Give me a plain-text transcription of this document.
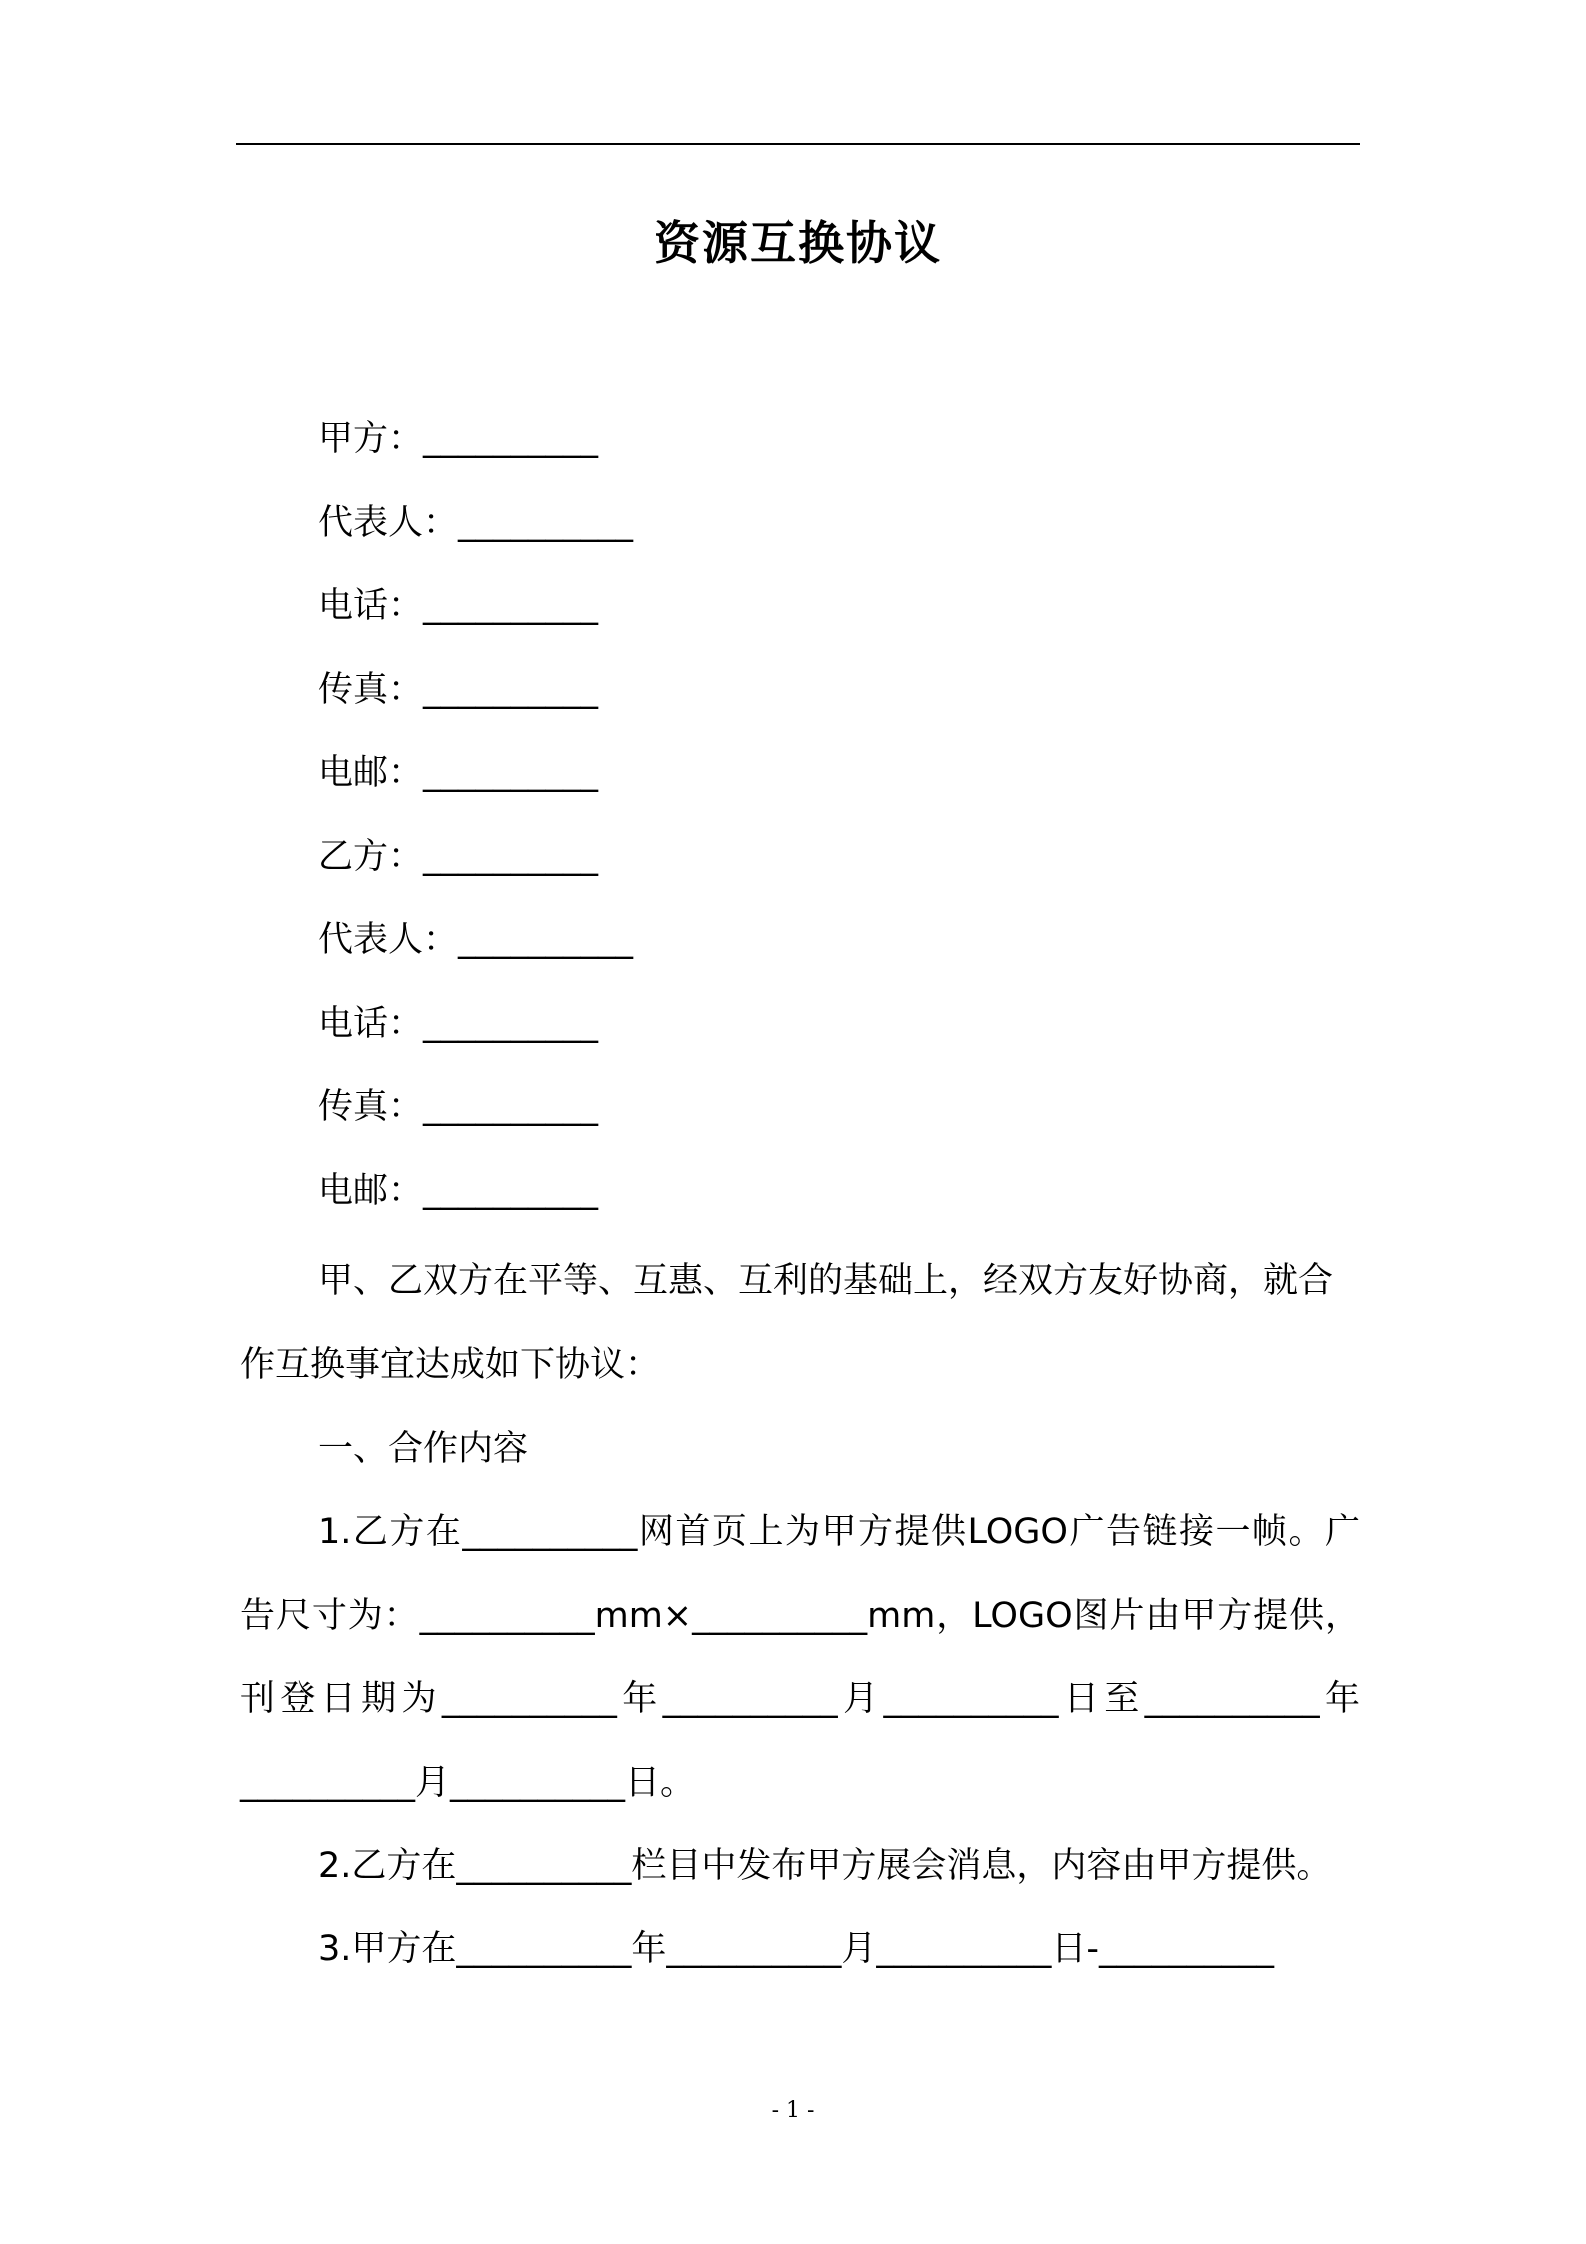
资源互换协议
甲方：__________
代表人：__________
电话：__________
传真：__________
电邮：__________
乙方：__________
代表人：__________
电话：__________
传真：__________
电邮：__________

甲、乙双方在平等、互惠、互利的基础上，经双方友好协商，就合作互换事宜达成如下协议：

一、合作内容

1.乙方在__________网首页上为甲方提供LOGO广告链接一帧。广告尺寸为：__________mm×__________mm，LOGO图片由甲方提供，刊登日期为__________年__________月__________日至__________年__________月__________日。

2.乙方在__________栏目中发布甲方展会消息，内容由甲方提供。

3.甲方在__________年__________月__________日-__________

- 1 -
